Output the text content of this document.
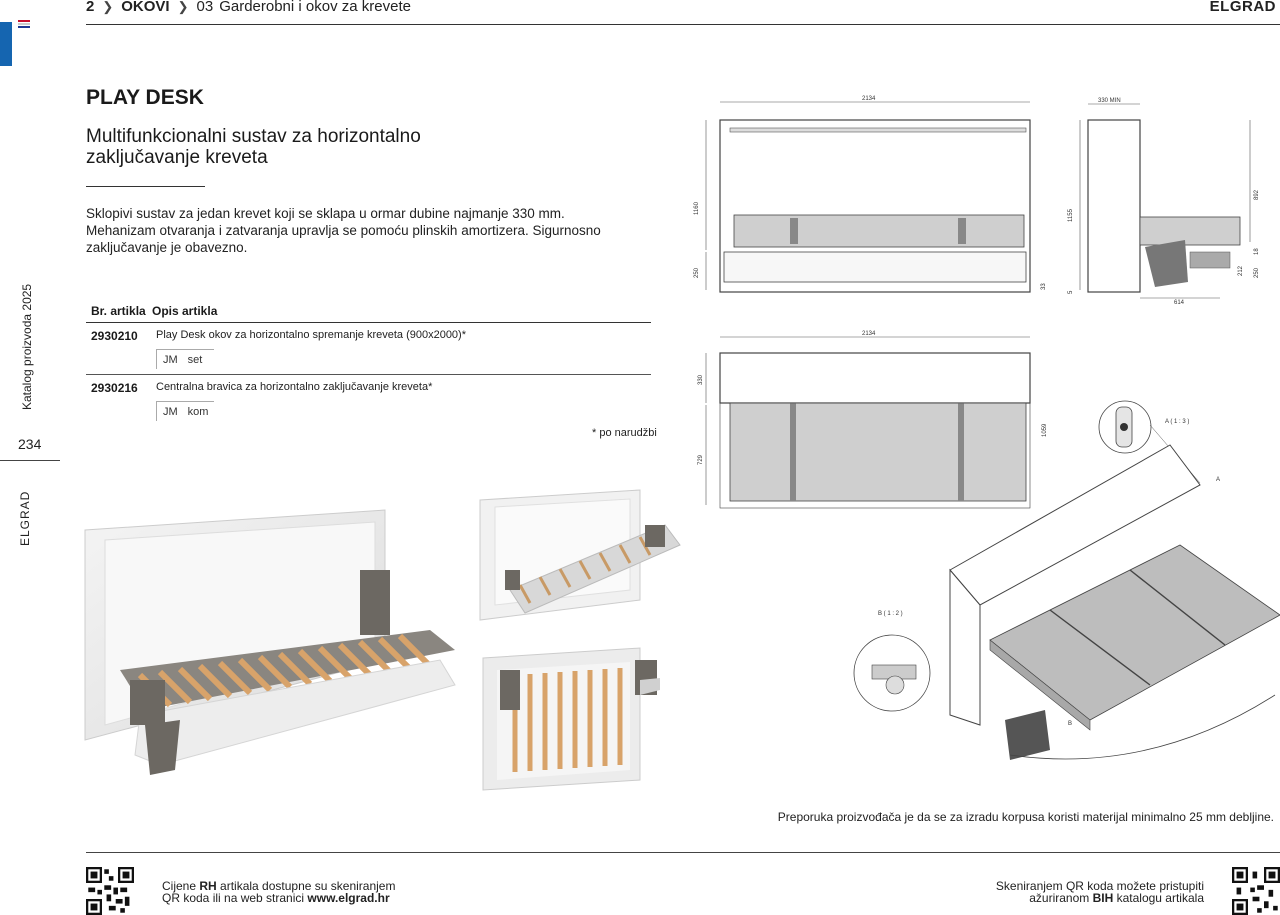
Katalog proizvoda 2025
234
ELGRAD
2 ❯ OKOVI ❯ 03 Garderobni i okov za krevete	ELGRAD
PLAY DESK
Multifunkcionalni sustav za horizontalno zaključavanje kreveta
Sklopivi sustav za jedan krevet koji se sklapa u ormar dubine najmanje 330 mm. Mehanizam otvaranja i zatvaranja upravlja se pomoću plinskih amortizera. Sigurnosno zaključavanje je obavezno.
Br. artikla Opis artikla
2930210 Play Desk okov za horizontalno spremanje kreveta (900x2000)*
JM set
2930216 Centralna bravica za horizontalno zaključavanje kreveta*
JM kom
* po narudžbi
2134
1160
250
33
330 MIN
1155
5
892
18
212 250
614
2134
330
729
1059
A ( 1 : 3 )
A
B ( 1 : 2 )
B
Preporuka proizvođača je da se za izradu korpusa koristi materijal minimalno 25 mm debljine.
Cijene RH artikala dostupne su skeniranjem
QR koda ili na web stranici www.elgrad.hr
Skeniranjem QR koda možete pristupiti
ažuriranom BIH katalogu artikala
